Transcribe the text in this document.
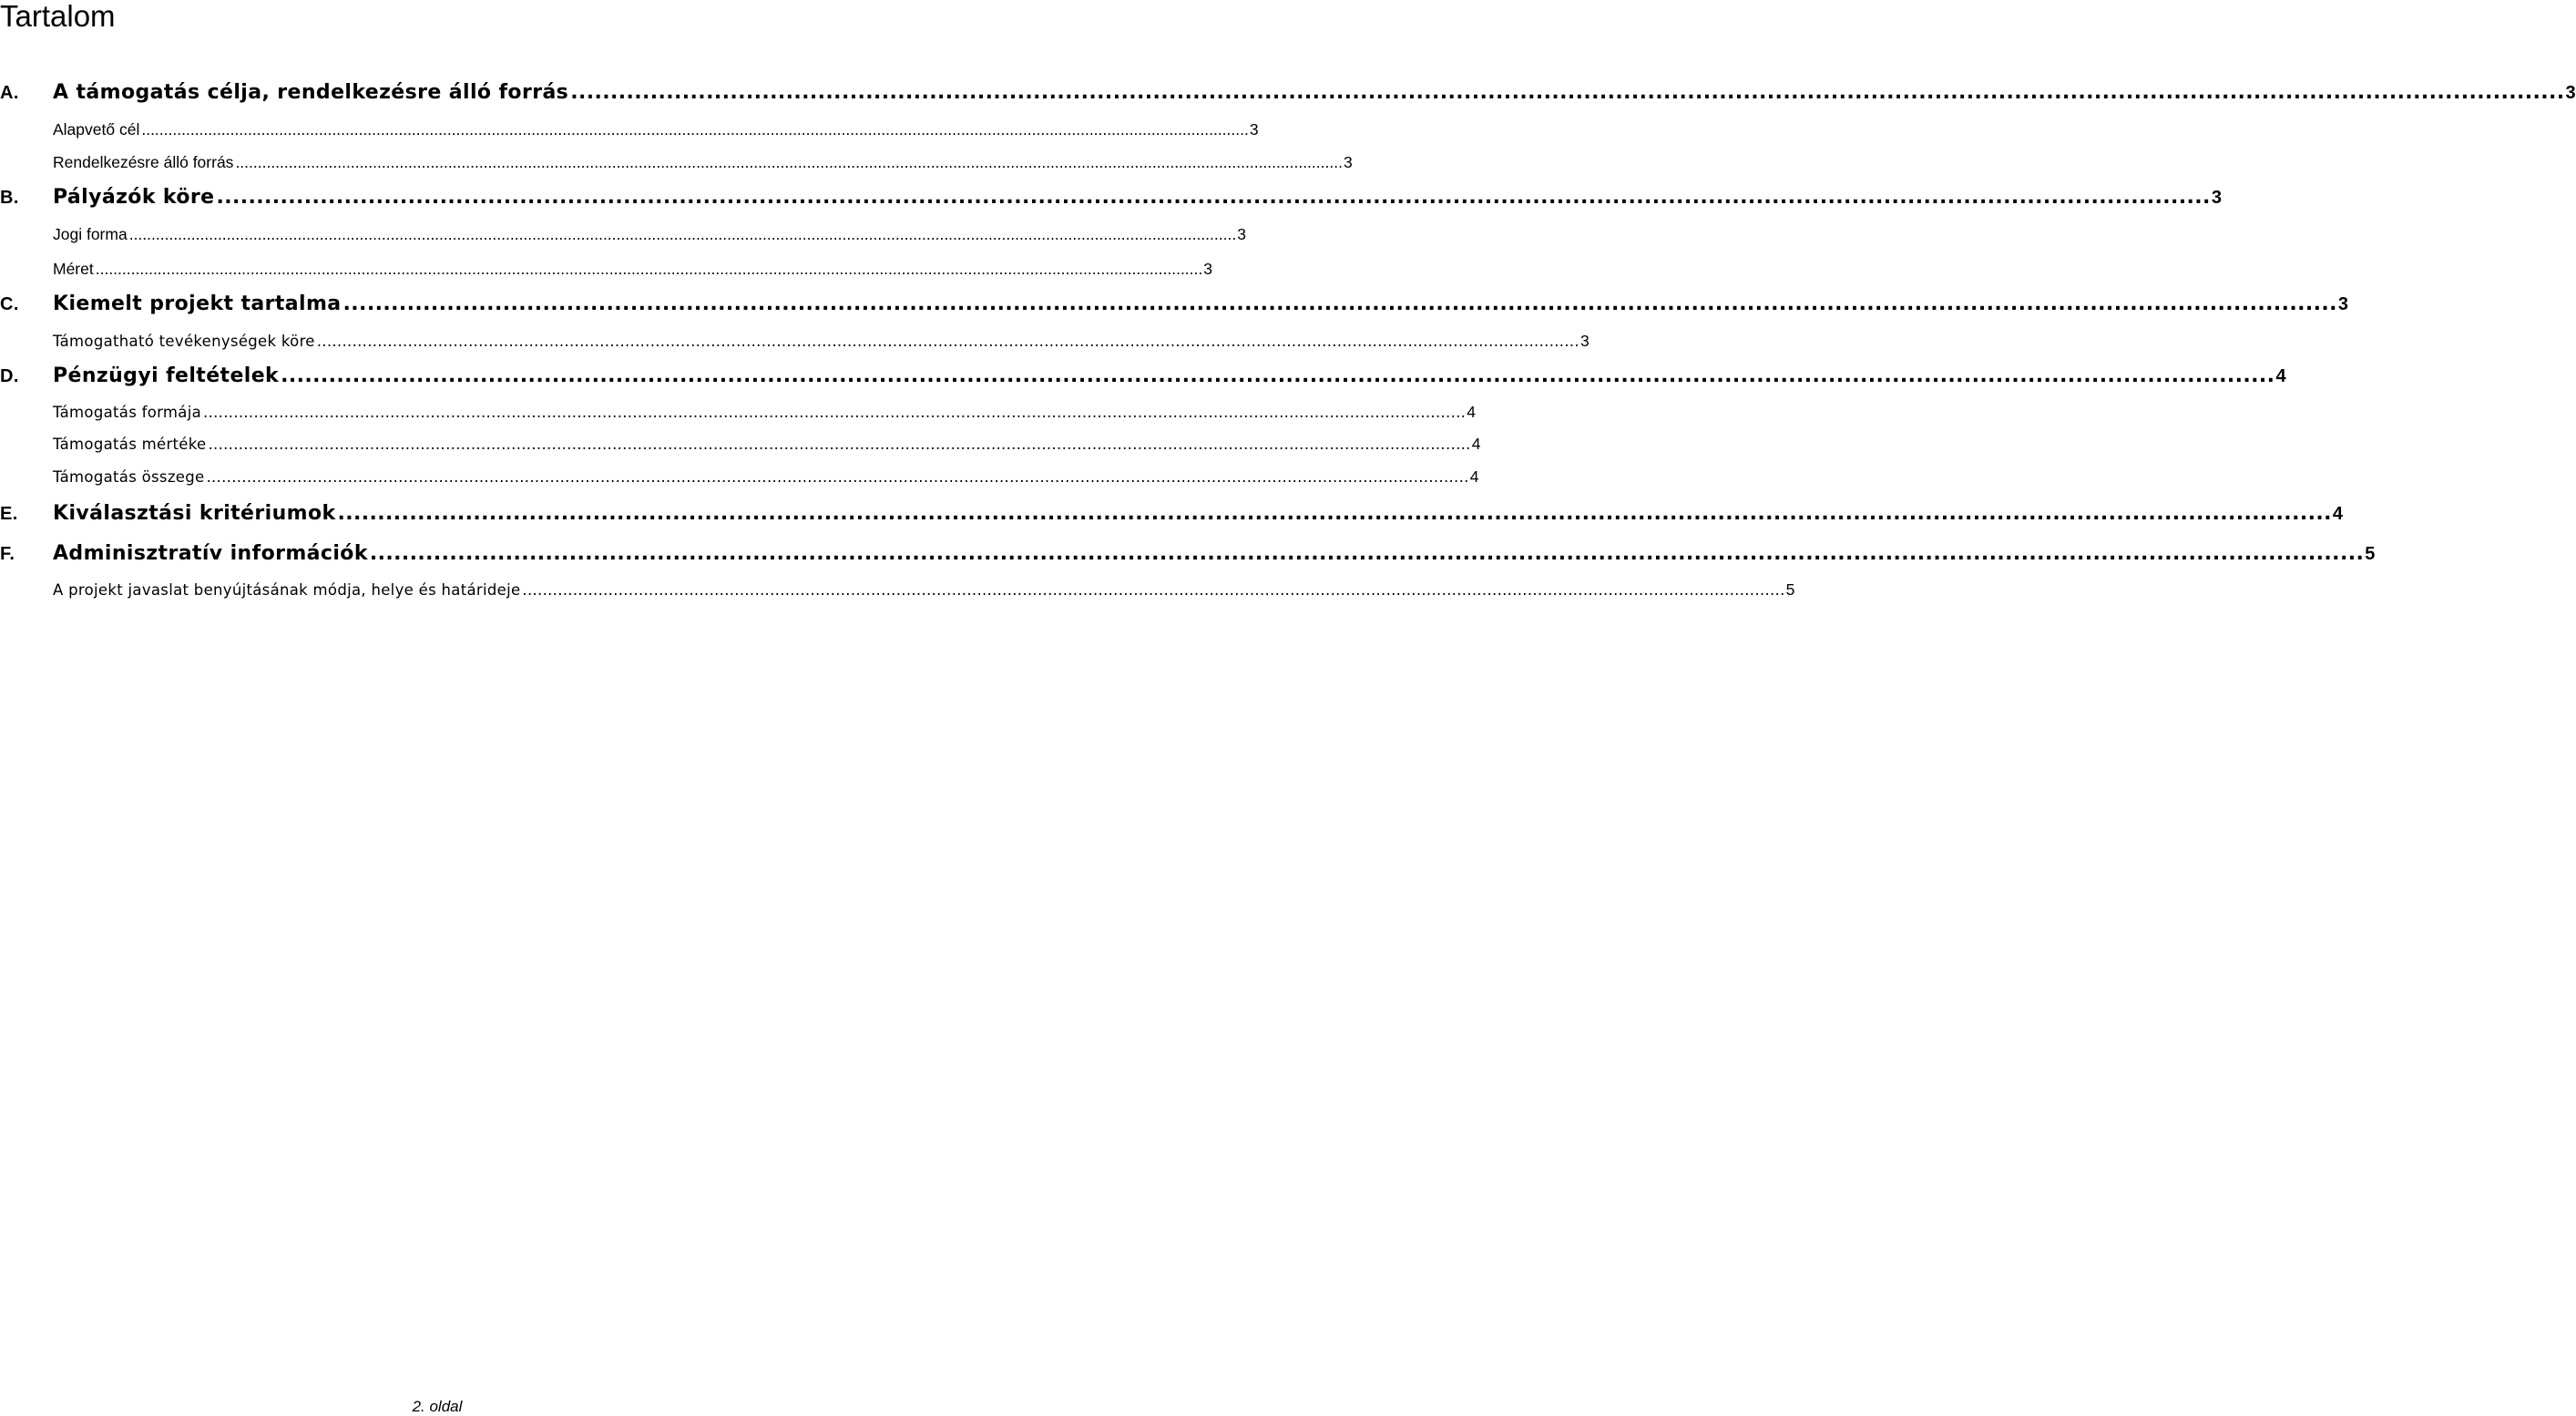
Tartalom
A.	A támogatás célja, rendelkezésre álló forrás .....	3
Alapvető cél .....	3
Rendelkezésre álló forrás .....	3
B.	Pályázók köre .....	3
Jogi forma .....	3
Méret .....	3
C.	Kiemelt projekt tartalma .....	3
Támogatható tevékenységek köre .....	3
D.	Pénzügyi feltételek .....	4
Támogatás formája .....	4
Támogatás mértéke .....	4
Támogatás összege .....	4
E.	Kiválasztási kritériumok .....	4
F.	Adminisztratív információk .....	5
A projekt javaslat benyújtásának módja, helye és határideje .....	5
2. oldal
